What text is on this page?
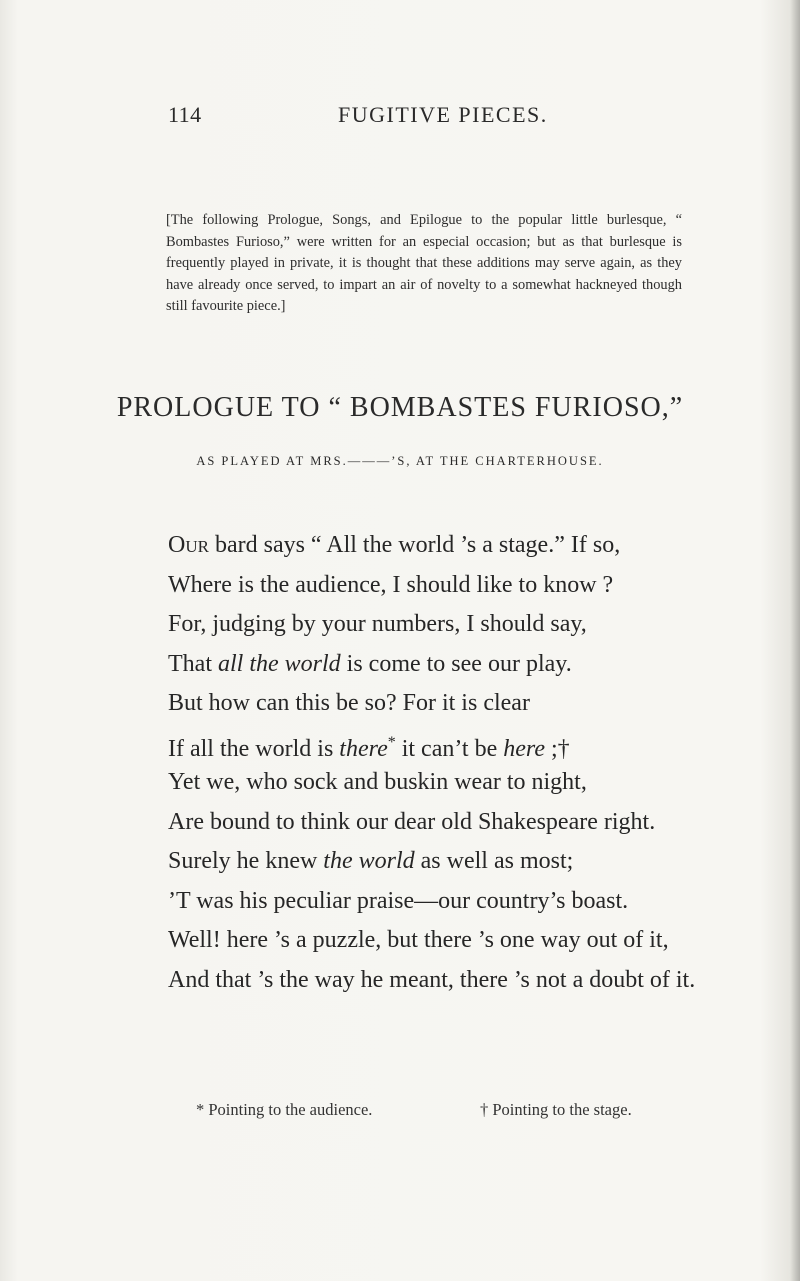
114	FUGITIVE PIECES.
[The following Prologue, Songs, and Epilogue to the popular little burlesque, “ Bombastes Furioso,” were written for an especial occasion; but as that burlesque is frequently played in private, it is thought that these additions may serve again, as they have already once served, to impart an air of novelty to a somewhat hackneyed though still favourite piece.]
PROLOGUE TO “ BOMBASTES FURIOSO,”
AS PLAYED AT MRS.———’S, AT THE CHARTERHOUSE.
Our bard says “ All the world ’s a stage.” If so,
Where is the audience, I should like to know ?
For, judging by your numbers, I should say,
That all the world is come to see our play.
But how can this be so? For it is clear
If all the world is there* it can’t be here ;†
Yet we, who sock and buskin wear to night,
Are bound to think our dear old Shakespeare right.
Surely he knew the world as well as most;
’T was his peculiar praise—our country’s boast.
Well! here ’s a puzzle, but there ’s one way out of it,
And that ’s the way he meant, there ’s not a doubt of it.
* Pointing to the audience.	† Pointing to the stage.
